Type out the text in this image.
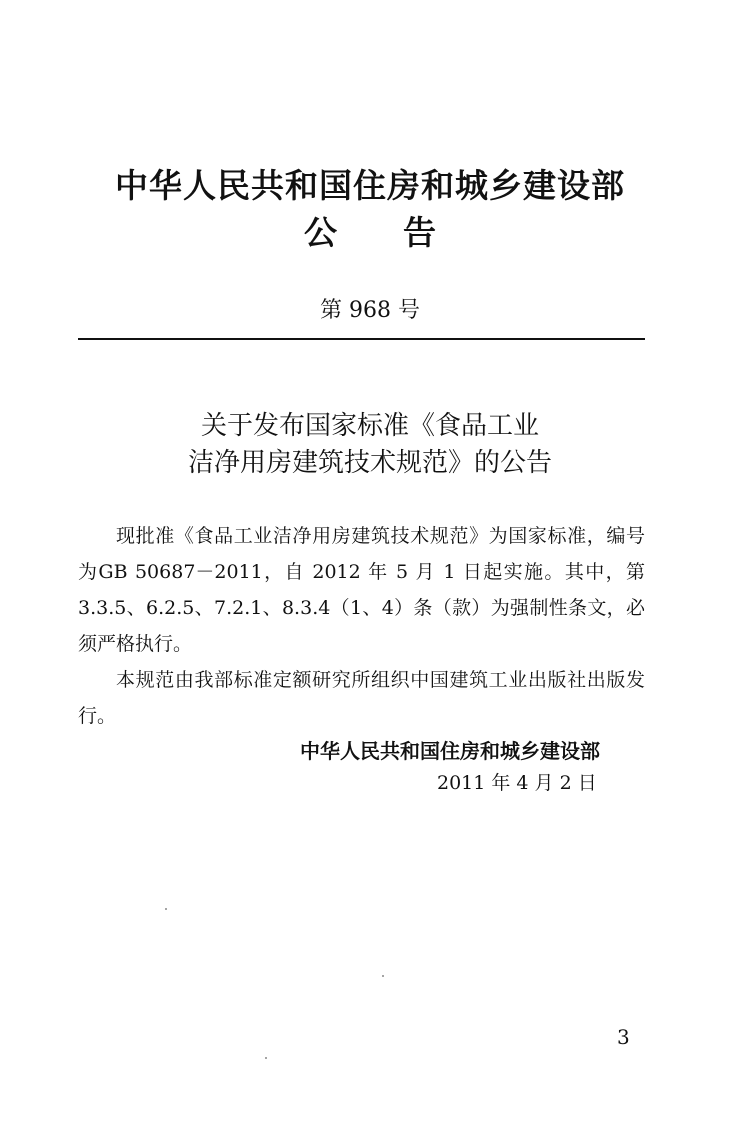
中华人民共和国住房和城乡建设部
公 告
第 968 号
关于发布国家标准《食品工业
洁净用房建筑技术规范》的公告

现批准《食品工业洁净用房建筑技术规范》为国家标准，编号为GB 50687－2011，自 2012 年 5 月 1 日起实施。其中，第3.3.5、6.2.5、7.2.1、8.3.4（1、4）条（款）为强制性条文，必须严格执行。

本规范由我部标准定额研究所组织中国建筑工业出版社出版发行。

中华人民共和国住房和城乡建设部
2011 年 4 月 2 日
3
